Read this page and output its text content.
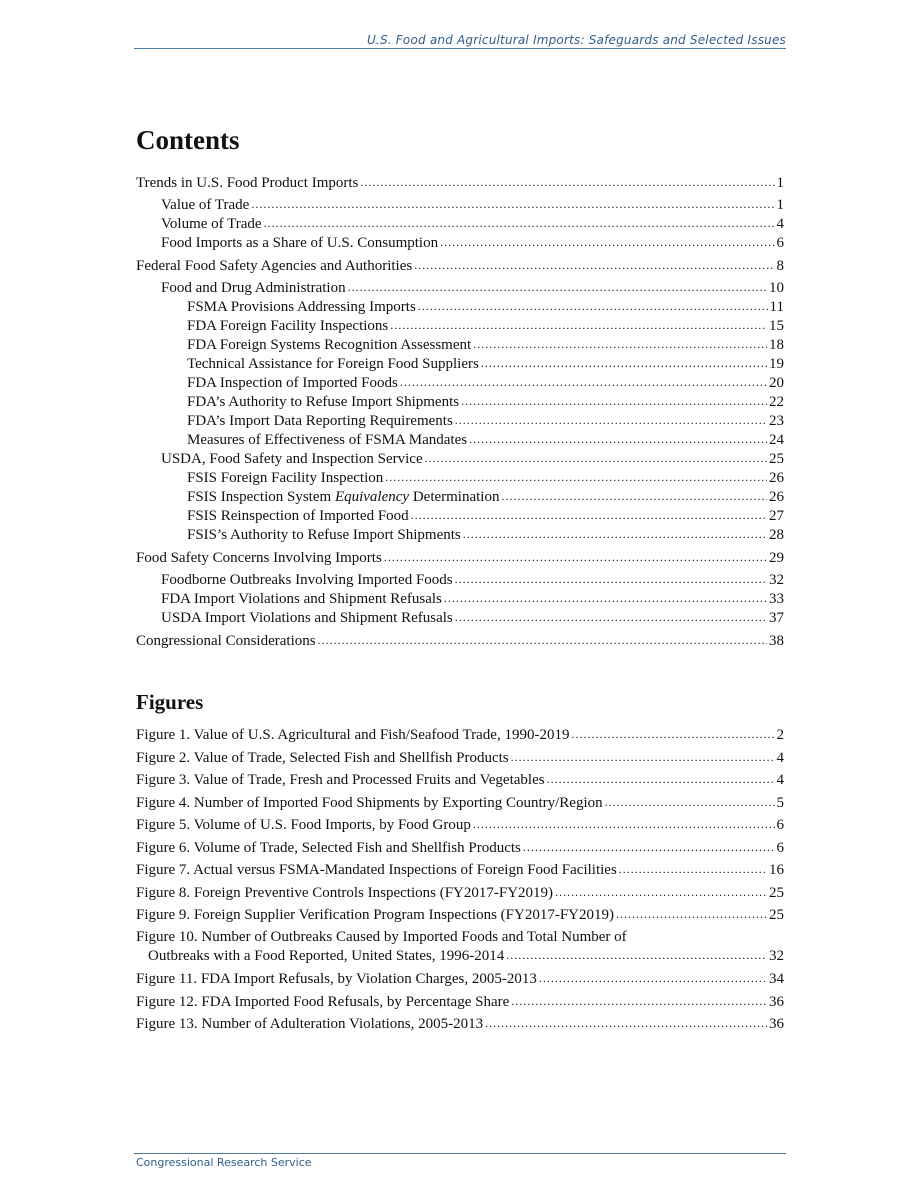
U.S. Food and Agricultural Imports: Safeguards and Selected Issues
Contents
Trends in U.S. Food Product Imports .....	1
Value of Trade .....	1
Volume of Trade .....	4
Food Imports as a Share of U.S. Consumption .....	6
Federal Food Safety Agencies and Authorities .....	8
Food and Drug Administration .....	10
FSMA Provisions Addressing Imports .....	11
FDA Foreign Facility Inspections .....	15
FDA Foreign Systems Recognition Assessment .....	18
Technical Assistance for Foreign Food Suppliers .....	19
FDA Inspection of Imported Foods .....	20
FDA’s Authority to Refuse Import Shipments .....	22
FDA’s Import Data Reporting Requirements .....	23
Measures of Effectiveness of FSMA Mandates .....	24
USDA, Food Safety and Inspection Service .....	25
FSIS Foreign Facility Inspection .....	26
FSIS Inspection System Equivalency Determination .....	26
FSIS Reinspection of Imported Food .....	27
FSIS’s Authority to Refuse Import Shipments .....	28
Food Safety Concerns Involving Imports .....	29
Foodborne Outbreaks Involving Imported Foods .....	32
FDA Import Violations and Shipment Refusals .....	33
USDA Import Violations and Shipment Refusals .....	37
Congressional Considerations .....	38
Figures
Figure 1. Value of U.S. Agricultural and Fish/Seafood Trade, 1990-2019 .....	2
Figure 2. Value of Trade, Selected Fish and Shellfish Products .....	4
Figure 3. Value of Trade, Fresh and Processed Fruits and Vegetables .....	4
Figure 4. Number of Imported Food Shipments by Exporting Country/Region .....	5
Figure 5. Volume of U.S. Food Imports, by Food Group .....	6
Figure 6. Volume of Trade, Selected Fish and Shellfish Products .....	6
Figure 7. Actual versus FSMA-Mandated Inspections of Foreign Food Facilities .....	16
Figure 8. Foreign Preventive Controls Inspections (FY2017-FY2019) .....	25
Figure 9. Foreign Supplier Verification Program Inspections (FY2017-FY2019) .....	25
Figure 10. Number of Outbreaks Caused by Imported Foods and Total Number of
Outbreaks with a Food Reported, United States, 1996-2014 .....	32
Figure 11. FDA Import Refusals, by Violation Charges, 2005-2013 .....	34
Figure 12. FDA Imported Food Refusals, by Percentage Share .....	36
Figure 13. Number of Adulteration Violations, 2005-2013 .....	36
Congressional Research Service
